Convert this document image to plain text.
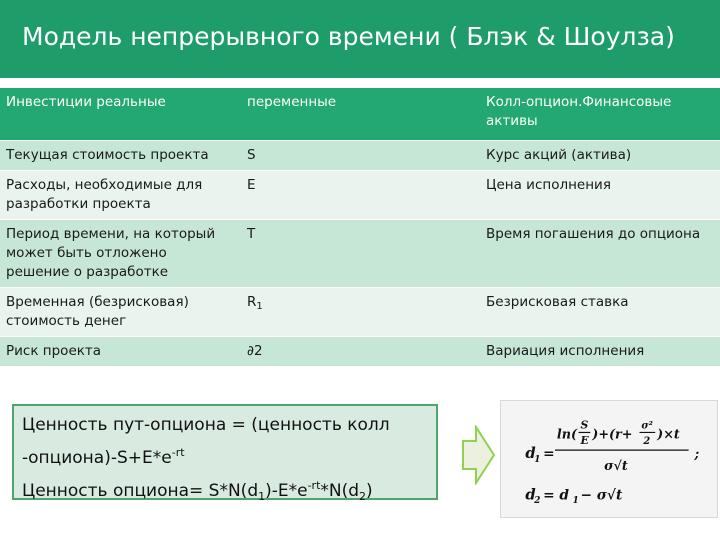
Модель непрерывного времени ( Блэк & Шоулза)
Инвестиции реальные	переменные	Колл-опцион.Финансовые активы
Текущая стоимость проекта	S	Курс акций (актива)
Расходы, необходимые для разработки проекта	E	Цена исполнения
Период времени, на который может быть отложено решение о разработке	T	Время погашения до опциона
Временная (безрисковая) стоимость денег	$R_1$	Безрисковая ставка
Риск проекта	∂2	Вариация исполнения
Ценность пут-опциона = (ценность колл
$-опциона)-S+E*e^{-rt}$
Ценность опциона= $S*N(d_1)-E*e^{-rt}*N(d_2)$
d
1 =
ln(
S
E )+(r+
σ²
2 )×t
σ√t
;
d
2 = d 1 − σ√t
